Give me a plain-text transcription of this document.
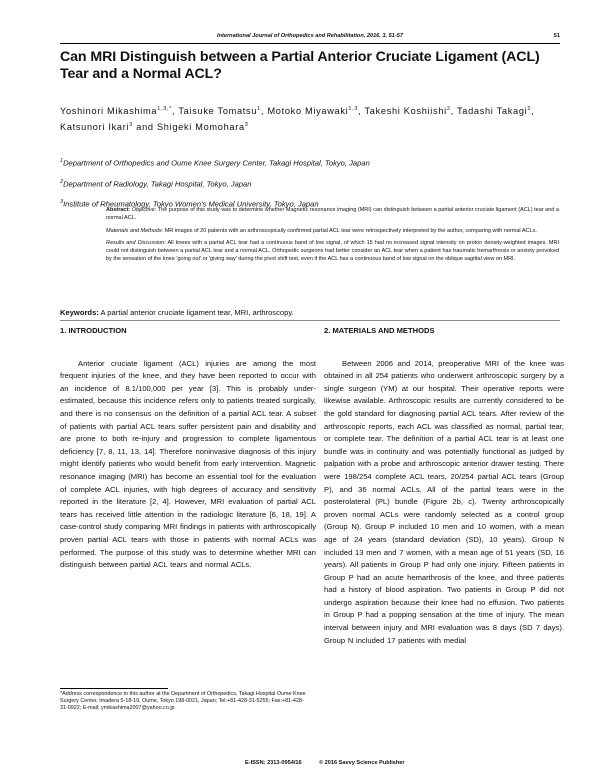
International Journal of Orthopedics and Rehabilitation, 2016, 3, 51-57	51
Can MRI Distinguish between a Partial Anterior Cruciate Ligament (ACL) Tear and a Normal ACL?
Yoshinori Mikashima$^{1,3,*}$, Taisuke Tomatsu$^1$, Motoko Miyawaki$^{1,3}$, Takeshi Koshiishi$^2$, Tadashi Takagi$^2$, Katsunori Ikari$^3$ and Shigeki Momohara$^3$
$^1$Department of Orthopedics and Oume Knee Surgery Center, Takagi Hospital, Tokyo, Japan
$^2$Department of Radiology, Takagi Hospital, Tokyo, Japan
$^3$Institute of Rheumatology, Tokyo Women's Medical University, Tokyo, Japan

Abstract: Objective: The purpose of this study was to determine whether Magnetic resonance imaging (MRI) can distinguish between a partial anterior cruciate ligament (ACL) tear and a normal ACL.

Materials and Methods: MR images of 20 patients with an arthroscopically confirmed partial ACL tear were retrospectively interpreted by the author, comparing with normal ACLs.

Results and Discussion: All knees with a partial ACL tear had a continuous band of low signal, of which 15 had no increased signal intensity on proton density-weighted images. MRI could not distinguish between a partial ACL tear and a normal ACL. Orthopedic surgeons had better consider an ACL tear when a patient has traumatic hemarthrosis or anxiety provoked by the sensation of the knee 'going out' or 'giving way' during the pivot shift test, even if the ACL has a continuous band of low signal on the oblique sagittal view on MRI.

Keywords: A partial anterior cruciate ligament tear, MRI, arthroscopy.
1. INTRODUCTION

Anterior cruciate ligament (ACL) injuries are among the most frequent injuries of the knee, and they have been reported to occur with an incidence of 8.1/100,000 per year [3]. This is probably under-estimated, because this incidence refers only to patients treated surgically, and there is no consensus on the definition of a partial ACL tear. A subset of patients with partial ACL tears suffer persistent pain and disability and are prone to both re-injury and progression to complete ligamentous deficiency [7, 8, 11, 13, 14]. Therefore noninvasive diagnosis of this injury might identify patients who would benefit from early intervention. Magnetic resonance imaging (MRI) has become an essential tool for the evaluation of complete ACL injuries, with high degrees of accuracy and sensitivity reported in the literature [2, 4]. However, MRI evaluation of partial ACL tears has received little attention in the radiologic literature [6, 18, 19]. A case-control study comparing MRI findings in patients with arthroscopically proven partial ACL tears with those in patients with normal ACLs was performed. The purpose of this study was to determine whether MRI can distinguish between partial ACL tears and normal ACLs.

2. MATERIALS AND METHODS

Between 2006 and 2014, preoperative MRI of the knee was obtained in all 254 patients who underwent arthroscopic surgery by a single surgeon (YM) at our hospital. Their operative reports were likewise available. Arthroscopic results are currently considered to be the gold standard for diagnosing partial ACL tears. After review of the arthroscopic reports, each ACL was classified as normal, partial tear, or complete tear. The definition of a partial ACL tear is at least one bundle was in continuity and was potentially functional as judged by palpation with a probe and arthroscopic anterior drawer testing. There were 198/254 complete ACL tears, 20/254 partial ACL tears (Group P), and 36 normal ACLs. All of the partial tears were in the posterolateral (PL) bundle (Figure 2b, c). Twenty arthroscopically proven normal ACLs were randomly selected as a control group (Group N). Group P included 10 men and 10 women, with a mean age of 24 years (standard deviation (SD), 10 years). Group N included 13 men and 7 women, with a mean age of 51 years (SD, 16 years). All patients in Group P had only one injury. Fifteen patients in Group P had an acute hemarthrosis of the knee, and three patients had a history of blood aspiration. Two patients in Group P did not undergo aspiration because their knee had no effusion. Two patients in Group P had a popping sensation at the time of injury. The mean interval between injury and MRI evaluation was 8 days (SD 7 days). Group N included 17 patients with medial

*Address correspondence to this author at the Department of Orthopedics, Takagi Hospital Oume Knee Surgery Center, Imadera 5-18-19, Oume, Tokyo 198-0021, Japan; Tel:+81-428-31-5255; Fax:+81-428-31-0922; E-mail: ymikashima2007@yahoo.co.jp
E-ISSN: 2313-0954/16	© 2016 Savvy Science Publisher
